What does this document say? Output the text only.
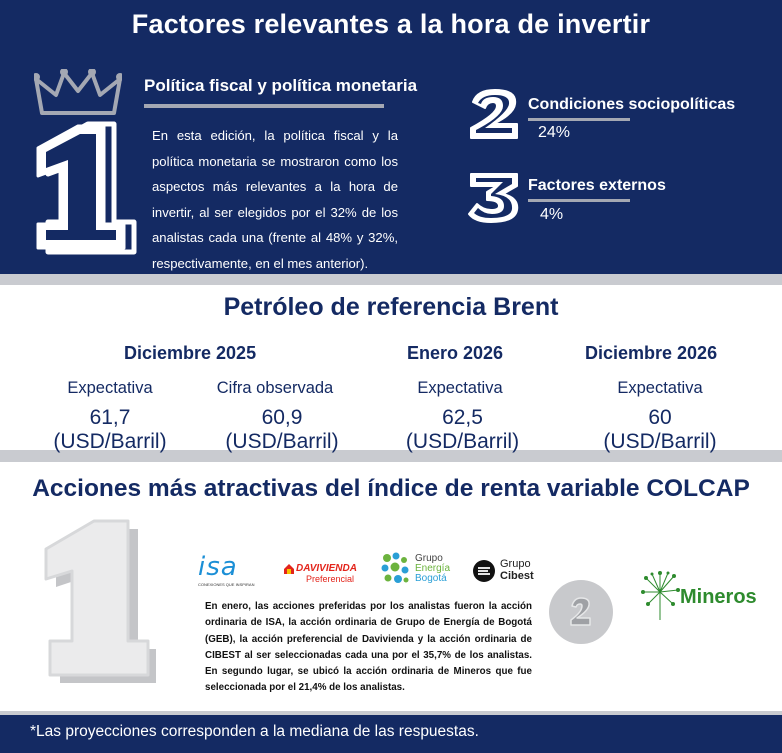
Factores relevantes a la hora de invertir
Política fiscal y política monetaria

En esta edición, la política fiscal y la política monetaria se mostraron como los aspectos más relevantes a la hora de invertir, al ser elegidos por el 32% de los analistas cada una (frente al 48% y 32%, respectivamente, en el mes anterior).

Condiciones sociopolíticas
24%
Factores externos
4%
Petróleo de referencia Brent
Diciembre 2025	Enero 2026	Diciembre 2026
Expectativa
61,7 (USD/Barril)
Cifra observada
60,9 (USD/Barril)
Expectativa
62,5 (USD/Barril)
Expectativa
60 (USD/Barril)
Acciones más atractivas del índice de renta variable COLCAP
isa
CONEXIONES QUE INSPIRAN
DAVIVIENDA
Preferencial
Grupo
Energía
Bogotá
Grupo
Cibest

En enero, las acciones preferidas por los analistas fueron la acción ordinaria de ISA, la acción ordinaria de Grupo de Energía de Bogotá (GEB), la acción preferencial de Davivienda y la acción ordinaria de CIBEST al ser seleccionadas cada una por el 35,7% de los analistas. En segundo lugar, se ubicó la acción ordinaria de Mineros que fue seleccionada por el 21,4% de los analistas.

Mineros
*Las proyecciones corresponden a la mediana de las respuestas.
